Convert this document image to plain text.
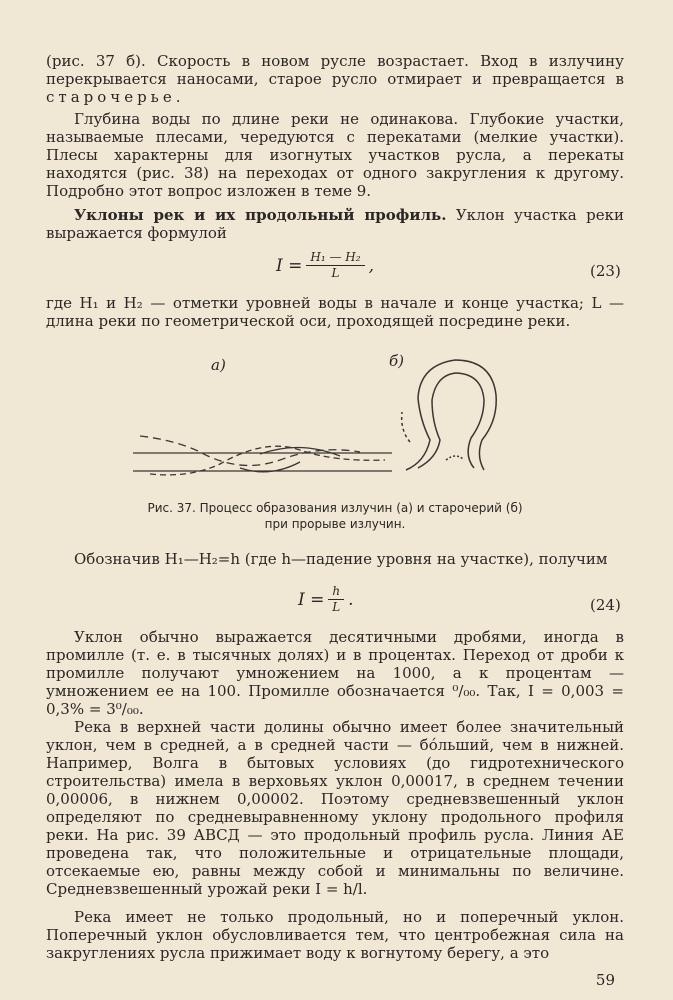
(рис. 37 б). Скорость в новом русле возрастает. Вход в излучину перекрывается наносами, старое русло отмирает и превращается в старочерье.

Глубина воды по длине реки не одинакова. Глубокие участки, называемые плесами, чередуются с перекатами (мелкие участки). Плесы характерны для изогнутых участков русла, а перекаты находятся (рис. 38) на переходах от одного закругления к другому. Подробно этот вопрос изложен в теме 9.

Уклоны рек и их продольный профиль. Уклон участка реки выражается формулой

$I = \frac{\text{H₁ — H₂}}{L}$ ,	(23)

где H₁ и H₂ — отметки уровней воды в начале и конце участка; L — длина реки по геометрической оси, проходящей посредине реки.

а)	б)
Рис. 37. Процесс образования излучин (а) и старочерий (б) при прорыве излучин.

Обозначив H₁—H₂=h (где h—падение уровня на участке), получим

$I = \frac{h}{L}$ .	(24)

Уклон обычно выражается десятичными дробями, иногда в промилле (т. е. в тысячных долях) и в процентах. Переход от дроби к промилле получают умножением на 1000, а к процентам — умножением ее на 100. Промилле обозначается ⁰/₀₀. Так, I = 0,003 = 0,3% = 3⁰/₀₀.

Река в верхней части долины обычно имеет более значительный уклон, чем в средней, а в средней части — бóльший, чем в нижней. Например, Волга в бытовых условиях (до гидротехнического строительства) имела в верховьях уклон 0,00017, в среднем течении 0,00006, в нижнем 0,00002. Поэтому средневзвешенный уклон определяют по средневыравненному уклону продольного профиля реки. На рис. 39 АВСД — это продольный профиль русла. Линия АЕ проведена так, что положительные и отрицательные площади, отсекаемые ею, равны между собой и минимальны по величине. Средневзвешенный урожай реки I = h/l.

Река имеет не только продольный, но и поперечный уклон. Поперечный уклон обусловливается тем, что центробежная сила на закруглениях русла прижимает воду к вогнутому берегу, а это

59
